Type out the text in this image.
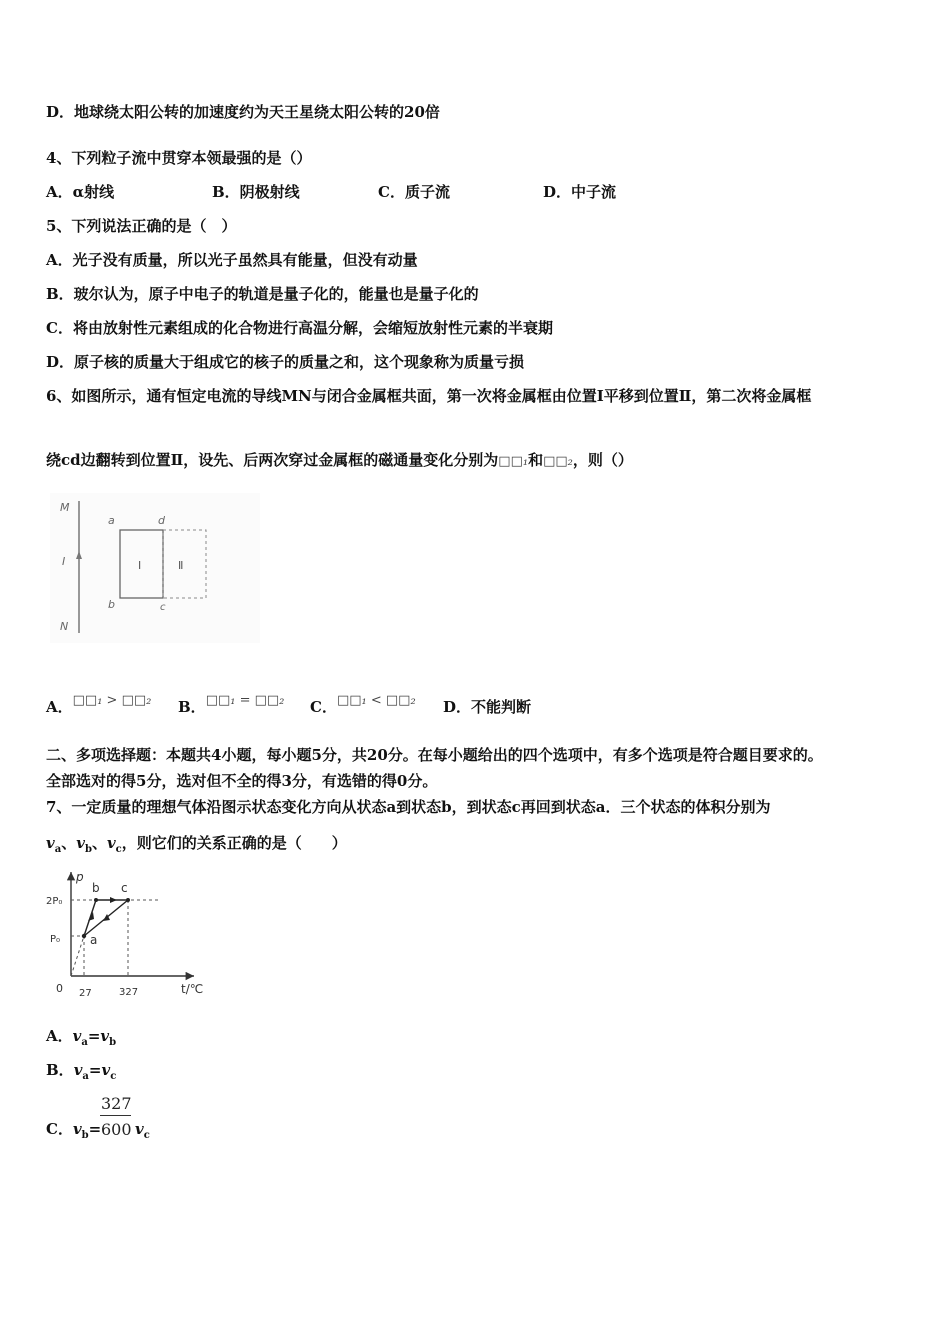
D．地球绕太阳公转的加速度约为天王星绕太阳公转的20倍
4、下列粒子流中贯穿本领最强的是（）
A．α射线	B．阴极射线	C．质子流	D．中子流
5、下列说法正确的是（　）
A．光子没有质量，所以光子虽然具有能量，但没有动量
B．玻尔认为，原子中电子的轨道是量子化的，能量也是量子化的
C．将由放射性元素组成的化合物进行高温分解，会缩短放射性元素的半衰期
D．原子核的质量大于组成它的核子的质量之和，这个现象称为质量亏损
6、如图所示，通有恒定电流的导线MN与闭合金属框共面，第一次将金属框由位置Ⅰ平移到位置Ⅱ，第二次将金属框
绕cd边翻转到位置Ⅱ，设先、后两次穿过金属框的磁通量变化分别为□□₁和□□₂，则（）
M
I
N
a	d
b	c
Ⅰ	Ⅱ
A．□□₁ > □□₂ B．□□₁ = □□₂ C．□□₁ < □□₂ D．不能判断
二、多项选择题：本题共4小题，每小题5分，共20分。在每小题给出的四个选项中，有多个选项是符合题目要求的。
全部选对的得5分，选对但不全的得3分，有选错的得0分。
7、一定质量的理想气体沿图示状态变化方向从状态a到状态b，到状态c再回到状态a．三个状态的体积分别为
$v_a$、$v_b$、$v_c$，则它们的关系正确的是（　　）
p
2P₀
P₀
0 27	327	t/℃
b c
a
A．$v_a=v_b$
B．$v_a=v_c$
327
C．$v_b= 600$ $v_c$
